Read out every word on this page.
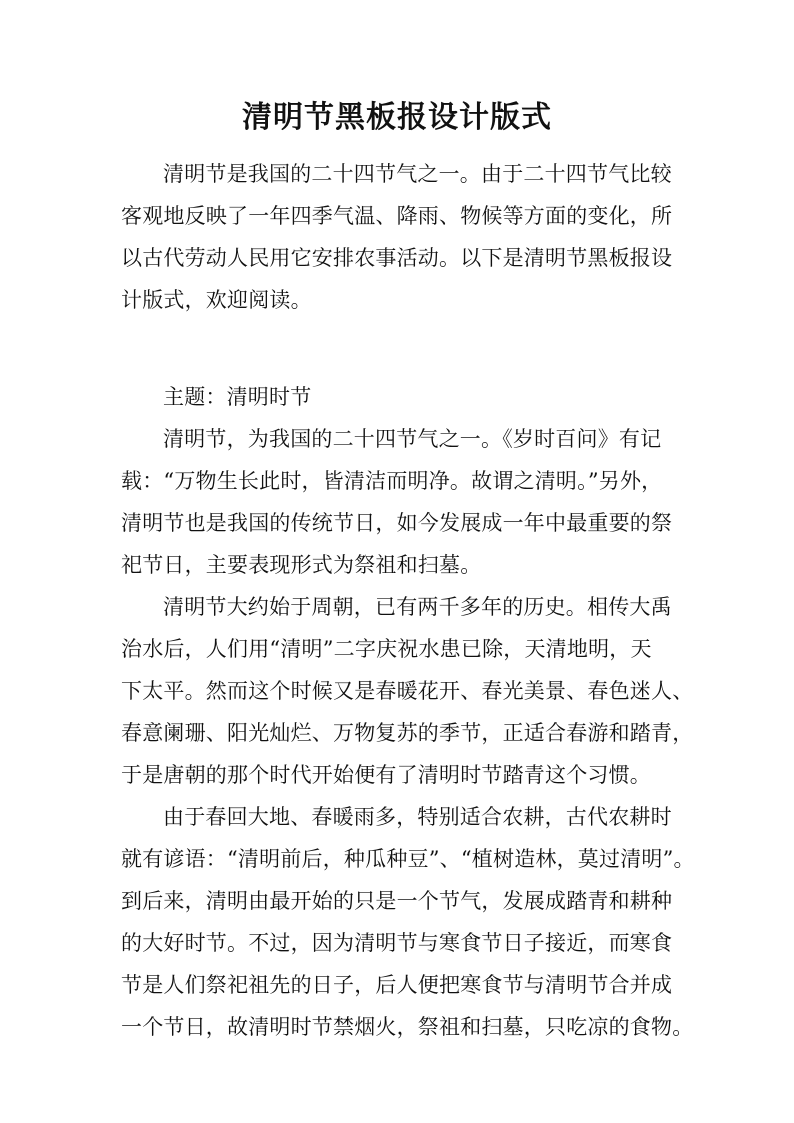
清明节黑板报设计版式
清明节是我国的二十四节气之一。由于二十四节气比较
客观地反映了一年四季气温、降雨、物候等方面的变化，所
以古代劳动人民用它安排农事活动。以下是清明节黑板报设
计版式，欢迎阅读。
主题：清明时节
清明节，为我国的二十四节气之一。《岁时百问》有记
载：“万物生长此时，皆清洁而明净。故谓之清明。”另外，
清明节也是我国的传统节日，如今发展成一年中最重要的祭
祀节日，主要表现形式为祭祖和扫墓。
清明节大约始于周朝，已有两千多年的历史。相传大禹
治水后，人们用“清明”二字庆祝水患已除，天清地明，天
下太平。然而这个时候又是春暖花开、春光美景、春色迷人、
春意阑珊、阳光灿烂、万物复苏的季节，正适合春游和踏青，
于是唐朝的那个时代开始便有了清明时节踏青这个习惯。
由于春回大地、春暖雨多，特别适合农耕，古代农耕时
就有谚语：“清明前后，种瓜种豆”、“植树造林，莫过清明”。
到后来，清明由最开始的只是一个节气，发展成踏青和耕种
的大好时节。不过，因为清明节与寒食节日子接近，而寒食
节是人们祭祀祖先的日子，后人便把寒食节与清明节合并成
一个节日，故清明时节禁烟火，祭祖和扫墓，只吃凉的食物。
